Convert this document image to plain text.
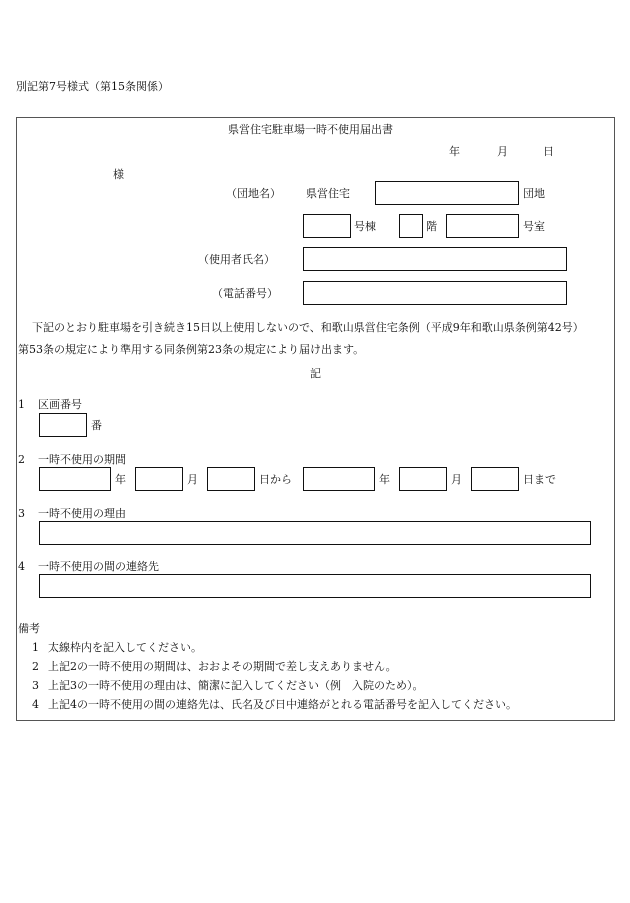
別記第7号様式（第15条関係）
県営住宅駐車場一時不使用届出書
年	月	日
様
（団地名） 県営住宅	団地
号棟	階	号室
（使用者氏名）
（電話番号）
下記のとおり駐車場を引き続き15日以上使用しないので、和歌山県営住宅条例（平成9年和歌山県条例第42号）
第53条の規定により準用する同条例第23条の規定により届け出ます。
記
1 区画番号
番
2 一時不使用の期間
年	月	日から	年	月	日まで
3 一時不使用の理由
4 一時不使用の間の連絡先
備考
1 太線枠内を記入してください。
2 上記2の一時不使用の期間は、おおよその期間で差し支えありません。
3 上記3の一時不使用の理由は、簡潔に記入してください（例　入院のため）。
4 上記4の一時不使用の間の連絡先は、氏名及び日中連絡がとれる電話番号を記入してください。
